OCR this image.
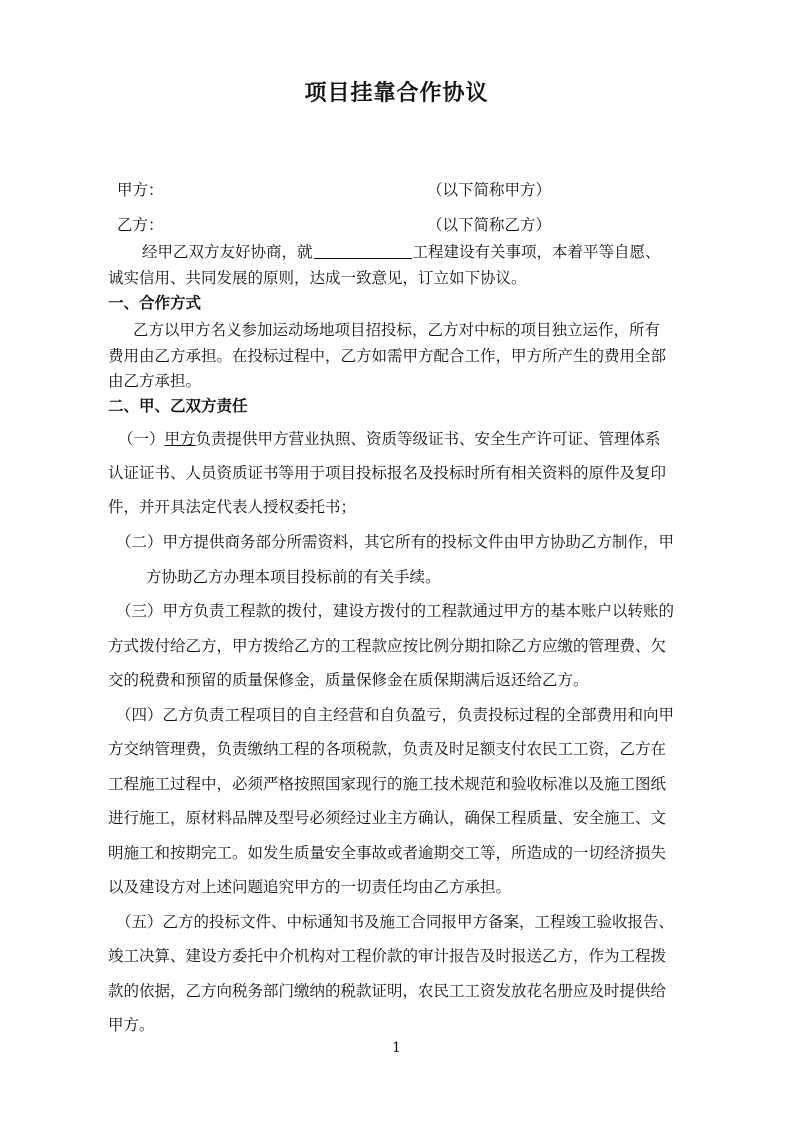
项目挂靠合作协议
甲方：	（以下简称甲方）
乙方：	（以下简称乙方）
经甲乙双方友好协商，就	工程建设有关事项，本着平等自愿、
诚实信用、共同发展的原则，达成一致意见，订立如下协议。
一、合作方式
乙方以甲方名义参加运动场地项目招投标，乙方对中标的项目独立运作，所有
费用由乙方承担。在投标过程中，乙方如需甲方配合工作，甲方所产生的费用全部
由乙方承担。
二、甲、乙双方责任
（一）甲方负责提供甲方营业执照、资质等级证书、安全生产许可证、管理体系
认证证书、人员资质证书等用于项目投标报名及投标时所有相关资料的原件及复印
件，并开具法定代表人授权委托书；
（二）甲方提供商务部分所需资料，其它所有的投标文件由甲方协助乙方制作，甲
方协助乙方办理本项目投标前的有关手续。
（三）甲方负责工程款的拨付，建设方拨付的工程款通过甲方的基本账户以转账的
方式拨付给乙方，甲方拨给乙方的工程款应按比例分期扣除乙方应缴的管理费、欠
交的税费和预留的质量保修金，质量保修金在质保期满后返还给乙方。
（四）乙方负责工程项目的自主经营和自负盈亏，负责投标过程的全部费用和向甲
方交纳管理费，负责缴纳工程的各项税款，负责及时足额支付农民工工资，乙方在
工程施工过程中，必须严格按照国家现行的施工技术规范和验收标准以及施工图纸
进行施工，原材料品牌及型号必须经过业主方确认，确保工程质量、安全施工、文
明施工和按期完工。如发生质量安全事故或者逾期交工等，所造成的一切经济损失
以及建设方对上述问题追究甲方的一切责任均由乙方承担。
（五）乙方的投标文件、中标通知书及施工合同报甲方备案，工程竣工验收报告、
竣工决算、建设方委托中介机构对工程价款的审计报告及时报送乙方，作为工程拨
款的依据，乙方向税务部门缴纳的税款证明，农民工工资发放花名册应及时提供给
甲方。
1
